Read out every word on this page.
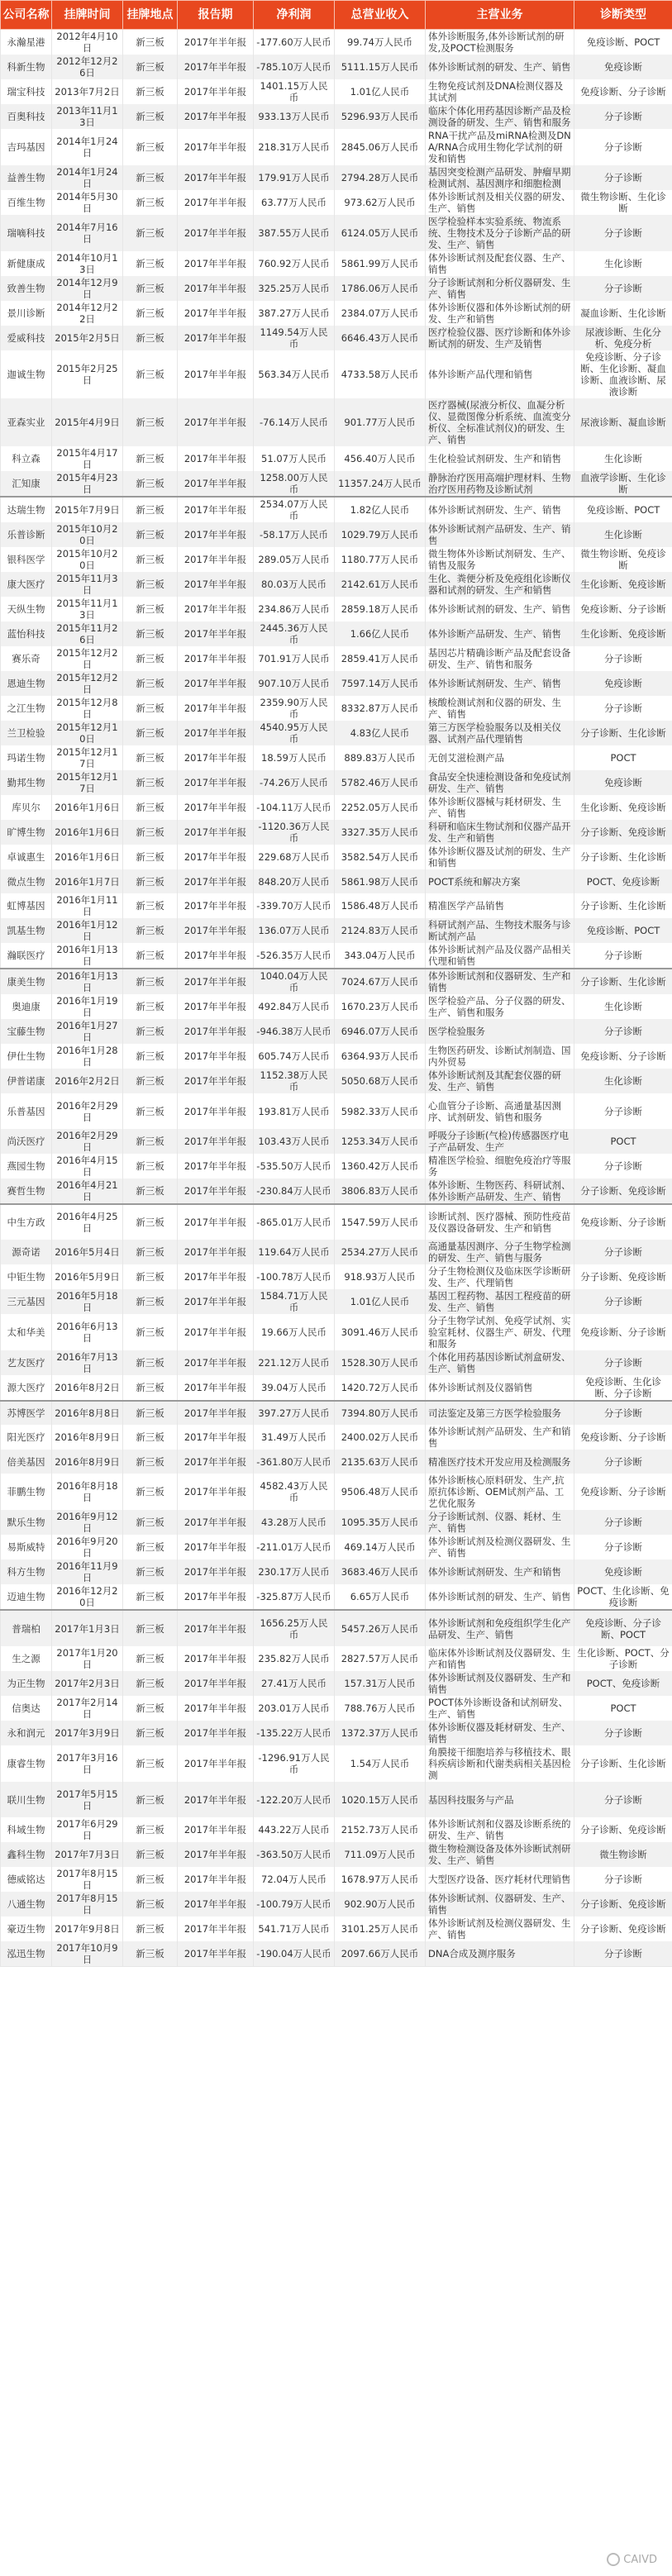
公司名称	挂牌时间	挂牌地点	报告期	净利润	总营业收入	主营业务	诊断类型
永瀚星港	2012年4月10日	新三板	2017年半年报	-177.60万人民币	99.74万人民币	体外诊断服务,体外诊断试剂的研发,及POCT检测服务	免疫诊断、POCT
科新生物	2012年12月26日	新三板	2017年半年报	-785.10万人民币	5111.15万人民币	体外诊断试剂的研发、生产、销售	免疫诊断
瑞宝科技	2013年7月2日	新三板	2017年半年报	1401.15万人民币	1.01亿人民币	生物免疫试剂及DNA检测仪器及其试剂	免疫诊断、分子诊断
百奥科技	2013年11月13日	新三板	2017年半年报	933.13万人民币	5296.93万人民币	临床个体化用药基因诊断产品及检测设备的研发、生产、销售和服务	分子诊断
吉玛基因	2014年1月24日	新三板	2017年半年报	218.31万人民币	2845.06万人民币	RNA干扰产品及miRNA检测及DNA/RNA合成用生物化学试剂的研发和销售	分子诊断
益善生物	2014年1月24日	新三板	2017年半年报	179.91万人民币	2794.28万人民币	基因突变检测产品研发、肿瘤早期检测试剂、基因测序和细胞检测	分子诊断
百维生物	2014年5月30日	新三板	2017年半年报	63.77万人民币	973.62万人民币	体外诊断试剂及相关仪器的研发、生产、销售	微生物诊断、生化诊断
瑞嘀科技	2014年7月16日	新三板	2017年半年报	387.55万人民币	6124.05万人民币	医学检验样本实验系统、物流系统、生物技术及分子诊断产品的研发、生产、销售	分子诊断
新健康成	2014年10月13日	新三板	2017年半年报	760.92万人民币	5861.99万人民币	体外诊断试剂及配套仪器、生产、销售	生化诊断
致善生物	2014年12月9日	新三板	2017年半年报	325.25万人民币	1786.06万人民币	分子诊断试剂和分析仪器研发、生产、销售	分子诊断
景川诊断	2014年12月22日	新三板	2017年半年报	387.27万人民币	2384.07万人民币	体外诊断仪器和体外诊断试剂的研发、生产和销售	凝血诊断、生化诊断
爱威科技	2015年2月5日	新三板	2017年半年报	1149.54万人民币	6646.43万人民币	医疗检验仪器、医疗诊断和体外诊断试剂的研发、生产及销售	尿液诊断、生化分析、免疫分析
迦诚生物	2015年2月25日	新三板	2017年半年报	563.34万人民币	4733.58万人民币	体外诊断产品代理和销售	免疫诊断、分子诊断、生化诊断、凝血诊断、血液诊断、尿液诊断
亚森实业	2015年4月9日	新三板	2017年半年报	-76.14万人民币	901.77万人民币	医疗器械(尿液分析仪、血凝分析仪、显微图像分析系统、血流变分析仪、全标准试剂仪)的研发、生产、销售	尿液诊断、凝血诊断
科立森	2015年4月17日	新三板	2017年半年报	51.07万人民币	456.40万人民币	生化检验试剂研发、生产和销售	生化诊断
汇知康	2015年4月23日	新三板	2017年半年报	1258.00万人民币	11357.24万人民币	静脉治疗医用高端护理材料、生物治疗医用药物及诊断试剂	血液学诊断、生化诊断
达瑞生物	2015年7月9日	新三板	2017年半年报	2534.07万人民币	1.82亿人民币	体外诊断试剂研发、生产、销售	免疫诊断、POCT
乐普诊断	2015年10月20日	新三板	2017年半年报	-58.17万人民币	1029.79万人民币	体外诊断试剂产品研发、生产、销售	生化诊断
银科医学	2015年10月20日	新三板	2017年半年报	289.05万人民币	1180.77万人民币	微生物体外诊断试剂研发、生产、销售及服务	微生物诊断、免疫诊断
康大医疗	2015年11月3日	新三板	2017年半年报	80.03万人民币	2142.61万人民币	生化、粪便分析及免疫组化诊断仪器和试剂的研发、生产和销售	生化诊断、免疫诊断
天纵生物	2015年11月13日	新三板	2017年半年报	234.86万人民币	2859.18万人民币	体外诊断试剂的研发、生产、销售	免疫诊断、分子诊断
蓝怡科技	2015年11月26日	新三板	2017年半年报	2445.36万人民币	1.66亿人民币	体外诊断产品研发、生产、销售	生化诊断、免疫诊断
赛乐奇	2015年12月2日	新三板	2017年半年报	701.91万人民币	2859.41万人民币	基因芯片精确诊断产品及配套设备研发、生产、销售和服务	分子诊断
恩迪生物	2015年12月2日	新三板	2017年半年报	907.10万人民币	7597.14万人民币	体外诊断试剂研发、生产、销售	免疫诊断
之江生物	2015年12月8日	新三板	2017年半年报	2359.90万人民币	8332.87万人民币	核酸检测试剂和仪器的研发、生产、销售	分子诊断
兰卫检验	2015年12月10日	新三板	2017年半年报	4540.95万人民币	4.83亿人民币	第三方医学检验服务以及相关仪器、试剂产品代理销售	分子诊断、生化诊断
玛诺生物	2015年12月17日	新三板	2017年半年报	18.59万人民币	889.83万人民币	无创艾滋检测产品	POCT
勤邦生物	2015年12月17日	新三板	2017年半年报	-74.26万人民币	5782.46万人民币	食品安全快速检测设备和免疫试剂研发、生产、销售	免疫诊断
库贝尔	2016年1月6日	新三板	2017年半年报	-104.11万人民币	2252.05万人民币	体外诊断仪器械与耗材研发、生产、销售	生化诊断、免疫诊断
旷博生物	2016年1月6日	新三板	2017年半年报	-1120.36万人民币	3327.35万人民币	科研和临床生物试剂和仪器产品开发、生产和销售	分子诊断、免疫诊断
卓诚惠生	2016年1月6日	新三板	2017年半年报	229.68万人民币	3582.54万人民币	体外诊断仪器及试剂的研发、生产和销售	分子诊断、生化诊断
微点生物	2016年1月7日	新三板	2017年半年报	848.20万人民币	5861.98万人民币	POCT系统和解决方案	POCT、免疫诊断
虹博基因	2016年1月11日	新三板	2017年半年报	-339.70万人民币	1586.48万人民币	精准医学产品销售	分子诊断、生化诊断
凯基生物	2016年1月12日	新三板	2017年半年报	136.07万人民币	2124.83万人民币	科研试剂产品、生物技术服务与诊断试剂产品	免疫诊断、POCT
瀚联医疗	2016年1月13日	新三板	2017年半年报	-526.35万人民币	343.04万人民币	体外诊断试剂产品及仪器产品相关代理和销售	分子诊断
康美生物	2016年1月13日	新三板	2017年半年报	1040.04万人民币	7024.67万人民币	体外诊断试剂和仪器研发、生产和销售	分子诊断、生化诊断
奥迪康	2016年1月19日	新三板	2017年半年报	492.84万人民币	1670.23万人民币	医学检验产品、分子仪器的研发、生产、销售和服务	生化诊断
宝藤生物	2016年1月27日	新三板	2017年半年报	-946.38万人民币	6946.07万人民币	医学检验服务	分子诊断
伊仕生物	2016年1月28日	新三板	2017年半年报	605.74万人民币	6364.93万人民币	生物医药研发、诊断试剂制造、国内外贸易	免疫诊断、分子诊断
伊普诺康	2016年2月2日	新三板	2017年半年报	1152.38万人民币	5050.68万人民币	体外诊断试剂及其配套仪器的研发、生产、销售	生化诊断
乐普基因	2016年2月29日	新三板	2017年半年报	193.81万人民币	5982.33万人民币	心血管分子诊断、高通量基因测序、试剂研发、销售和服务	分子诊断
尚沃医疗	2016年2月29日	新三板	2017年半年报	103.43万人民币	1253.34万人民币	呼吸分子诊断(气检)传感器医疗电子产品研发、生产	POCT
燕园生物	2016年4月15日	新三板	2017年半年报	-535.50万人民币	1360.42万人民币	精准医学检验、细胞免疫治疗等服务	分子诊断
赛哲生物	2016年4月21日	新三板	2017年半年报	-230.84万人民币	3806.83万人民币	体外诊断、生物医药、科研试剂、体外诊断产品研发、生产、销售	分子诊断、免疫诊断
中生方政	2016年4月25日	新三板	2017年半年报	-865.01万人民币	1547.59万人民币	诊断试剂、医疗器械、预防性疫苗及仪器设备研发、生产和销售	免疫诊断、分子诊断
源奇诺	2016年5月4日	新三板	2017年半年报	119.64万人民币	2534.27万人民币	高通量基因测序、分子生物学检测的研发、生产、销售与服务	分子诊断
中钜生物	2016年5月9日	新三板	2017年半年报	-100.78万人民币	918.93万人民币	分子生物检测仪及临床医学诊断研发、生产、代理销售	分子诊断、免疫诊断
三元基因	2016年5月18日	新三板	2017年半年报	1584.71万人民币	1.01亿人民币	基因工程药物、基因工程疫苗的研发、生产、销售	分子诊断
太和华美	2016年6月13日	新三板	2017年半年报	19.66万人民币	3091.46万人民币	分子生物学试剂、免疫学试剂、实验室耗材、仪器生产、研发、代理和服务	免疫诊断、分子诊断
艺友医疗	2016年7月13日	新三板	2017年半年报	221.12万人民币	1528.30万人民币	个体化用药基因诊断试剂盒研发、生产、销售	分子诊断
源大医疗	2016年8月2日	新三板	2017年半年报	39.04万人民币	1420.72万人民币	体外诊断试剂及仪器销售	免疫诊断、生化诊断、分子诊断
苏博医学	2016年8月8日	新三板	2017年半年报	397.27万人民币	7394.80万人民币	司法鉴定及第三方医学检验服务	分子诊断
阳光医疗	2016年8月9日	新三板	2017年半年报	31.49万人民币	2400.02万人民币	体外诊断试剂产品研发、生产和销售	免疫诊断、分子诊断
倍美基因	2016年8月9日	新三板	2017年半年报	-361.80万人民币	2135.63万人民币	精准医疗技术开发应用及检测服务	分子诊断
菲鹏生物	2016年8月18日	新三板	2017年半年报	4582.43万人民币	9506.48万人民币	体外诊断核心原料研发、生产,抗原抗体诊断、OEM试剂产品、工艺优化服务	免疫诊断、分子诊断
默乐生物	2016年9月12日	新三板	2017年半年报	43.28万人民币	1095.35万人民币	分子诊断试剂、仪器、耗材、生产、销售	分子诊断
易斯威特	2016年9月20日	新三板	2017年半年报	-211.01万人民币	469.14万人民币	体外诊断试剂及检测仪器研发、生产、销售	分子诊断
科方生物	2016年11月9日	新三板	2017年半年报	230.17万人民币	3683.46万人民币	体外诊断试剂研发、生产和销售	免疫诊断
迈迪生物	2016年12月20日	新三板	2017年半年报	-325.87万人民币	6.65万人民币	体外诊断试剂的研发、生产、销售	POCT、生化诊断、免疫诊断
普瑞柏	2017年1月3日	新三板	2017年半年报	1656.25万人民币	5457.26万人民币	体外诊断试剂和免疫组织学生化产品研发、生产、销售	免疫诊断、分子诊断、POCT
生之源	2017年1月20日	新三板	2017年半年报	235.82万人民币	2827.57万人民币	临床体外诊断试剂及仪器研发、生产和销售	生化诊断、POCT、分子诊断
为正生物	2017年2月3日	新三板	2017年半年报	27.41万人民币	157.31万人民币	体外诊断试剂及仪器研发、生产和销售	POCT、免疫诊断
信奥达	2017年2月14日	新三板	2017年半年报	203.01万人民币	788.76万人民币	POCT体外诊断设备和试剂研发、生产、销售	POCT
永和润元	2017年3月9日	新三板	2017年半年报	-135.22万人民币	1372.37万人民币	体外诊断仪器及耗材研发、生产、销售	分子诊断
康睿生物	2017年3月16日	新三板	2017年半年报	-1296.91万人民币	1.54万人民币	角膜接干细胞培养与移植技术、眼科疾病诊断和代谢类病相关基因检测	分子诊断、生化诊断
联川生物	2017年5月15日	新三板	2017年半年报	-122.20万人民币	1020.15万人民币	基因科技服务与产品	分子诊断
科域生物	2017年6月29日	新三板	2017年半年报	443.22万人民币	2152.73万人民币	体外诊断试剂和仪器及诊断系统的研发、生产、销售	分子诊断、免疫诊断
鑫科生物	2017年7月3日	新三板	2017年半年报	-363.50万人民币	711.09万人民币	微生物检测设备及体外诊断试剂研发、生产、销售	微生物诊断
德威铭达	2017年8月15日	新三板	2017年半年报	72.04万人民币	1678.97万人民币	大型医疗设备、医疗耗材代理销售	分子诊断
八通生物	2017年8月15日	新三板	2017年半年报	-100.79万人民币	902.90万人民币	体外诊断试剂、仪器研发、生产、销售	分子诊断、免疫诊断
豪迈生物	2017年9月8日	新三板	2017年半年报	541.71万人民币	3101.25万人民币	体外诊断试剂及检测仪器研发、生产、销售	分子诊断、免疫诊断
泓迅生物	2017年10月9日	新三板	2017年半年报	-190.04万人民币	2097.66万人民币	DNA合成及测序服务	分子诊断
CAIVD
